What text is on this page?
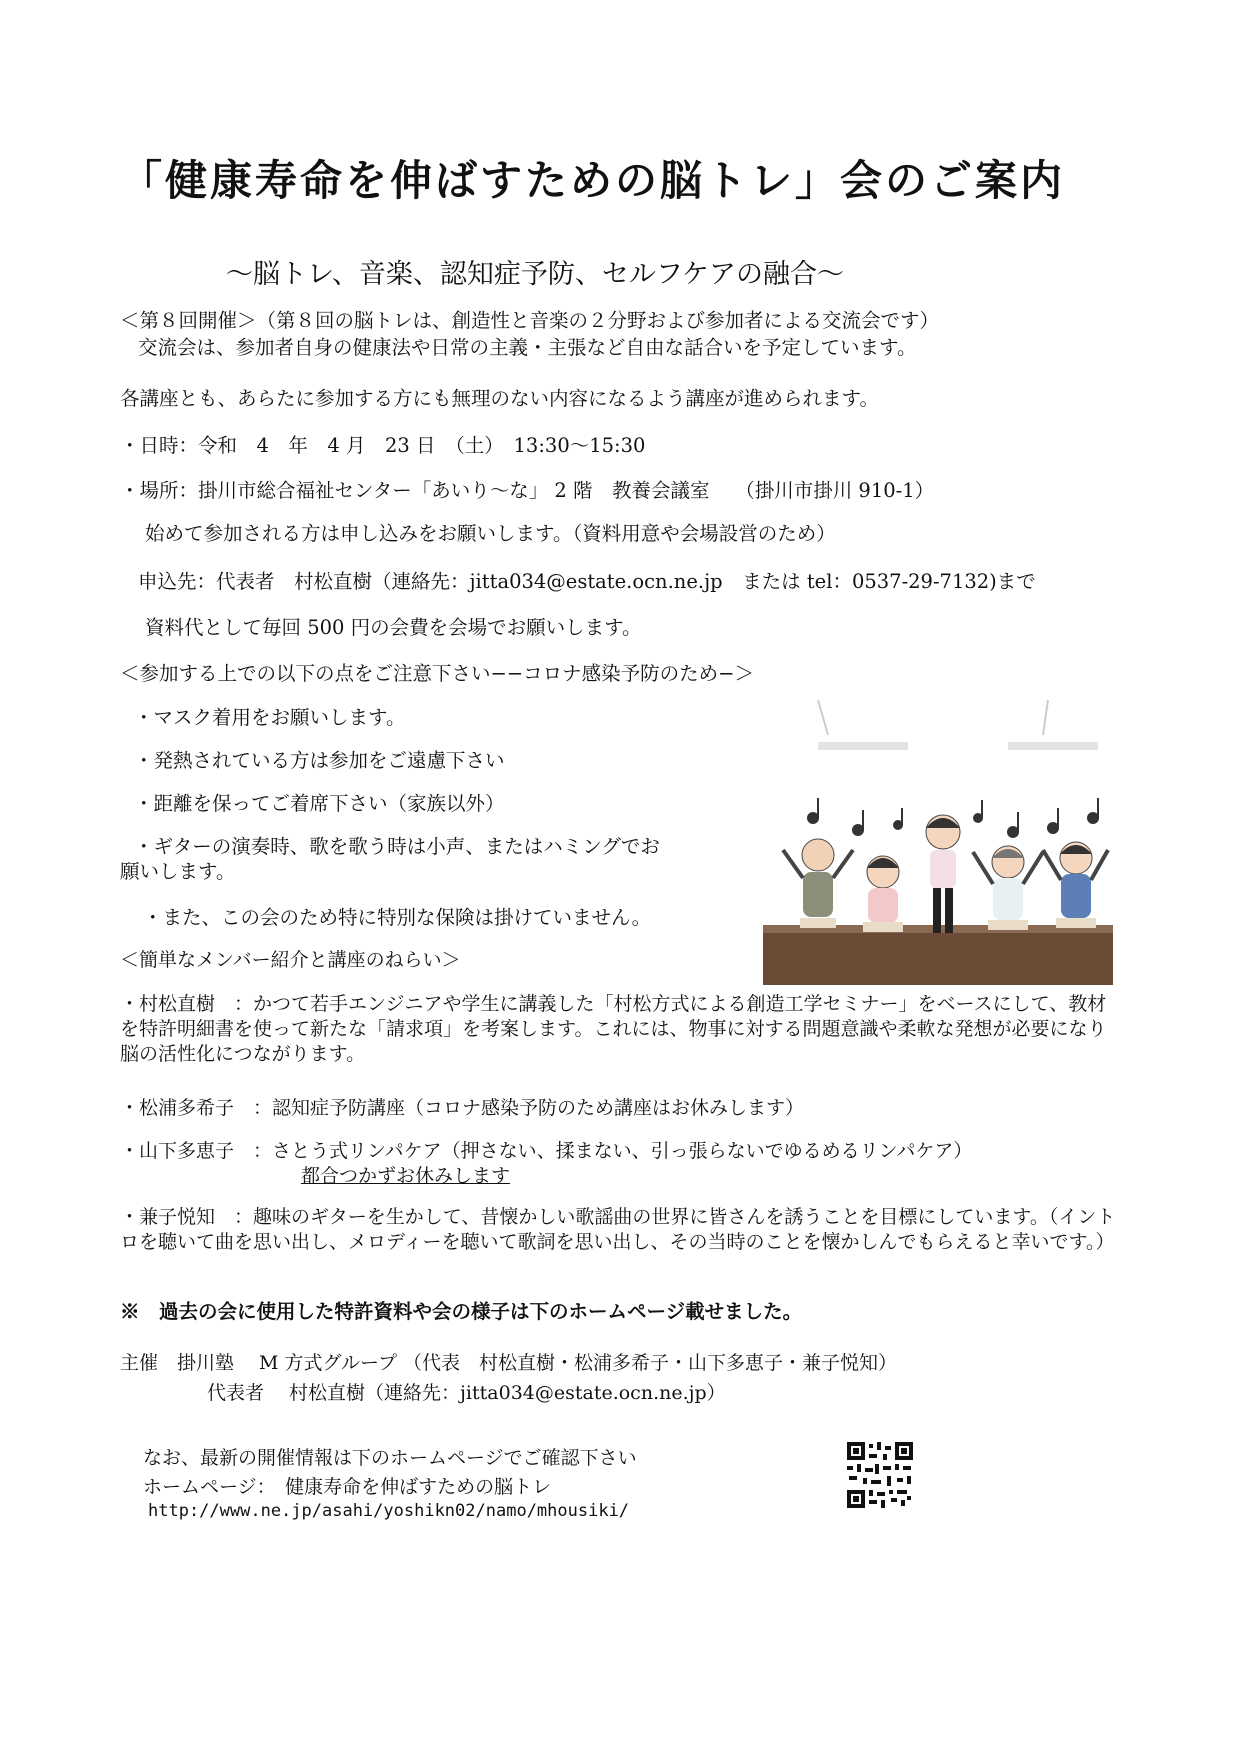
「健康寿命を伸ばすための脳トレ」会のご案内
〜脳トレ、音楽、認知症予防、セルフケアの融合〜
＜第８回開催＞（第８回の脳トレは、創造性と音楽の２分野および参加者による交流会です）
交流会は、参加者自身の健康法や日常の主義・主張など自由な話合いを予定しています。
各講座とも、あらたに参加する方にも無理のない内容になるよう講座が進められます。
・日時：令和　4　年　4 月　23 日　（土）　13:30〜15:30
・場所：掛川市総合福祉センター「あいり〜な」 2 階　教養会議室　 （掛川市掛川 910-1）
始めて参加される方は申し込みをお願いします。（資料用意や会場設営のため）
申込先：代表者　村松直樹（連絡先：jitta034@estate.ocn.ne.jp　または tel：0537-29-7132)まで
資料代として毎回 500 円の会費を会場でお願いします。
＜参加する上での以下の点をご注意下さい−−コロナ感染予防のため−＞
・マスク着用をお願いします。
・発熱されている方は参加をご遠慮下さい
・距離を保ってご着席下さい（家族以外）
・ギターの演奏時、歌を歌う時は小声、またはハミングでお
願いします。
・また、この会のため特に特別な保険は掛けていません。
＜簡単なメンバー紹介と講座のねらい＞
・村松直樹　：かつて若手エンジニアや学生に講義した「村松方式による創造工学セミナー」をベースにして、教材を特許明細書を使って新たな「請求項」を考案します。これには、物事に対する問題意識や柔軟な発想が必要になり脳の活性化につながります。
・松浦多希子　：認知症予防講座（コロナ感染予防のため講座はお休みします）
・山下多恵子　：さとう式リンパケア（押さない、揉まない、引っ張らないでゆるめるリンパケア）
都合つかずお休みします
・兼子悦知　：趣味のギターを生かして、昔懐かしい歌謡曲の世界に皆さんを誘うことを目標にしています。（イントロを聴いて曲を思い出し、メロディーを聴いて歌詞を思い出し、その当時のことを懐かしんでもらえると幸いです。）
※　過去の会に使用した特許資料や会の様子は下のホームページ載せました。
主催　掛川塾　 M 方式グループ （代表　村松直樹・松浦多希子・山下多恵子・兼子悦知）
代表者　 村松直樹（連絡先：jitta034@estate.ocn.ne.jp）
なお、最新の開催情報は下のホームページでご確認下さい
ホームページ：　健康寿命を伸ばすための脳トレ
http://www.ne.jp/asahi/yoshikn02/namo/mhousiki/
